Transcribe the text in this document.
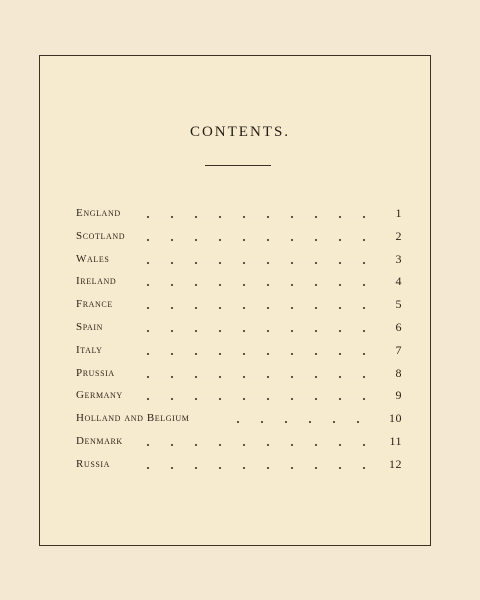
CONTENTS.
England	1
Scotland	2
Wales	3
Ireland	4
France	5
Spain	6
Italy	7
Prussia	8
Germany	9
Holland and Belgium	10
Denmark	11
Russia	12
